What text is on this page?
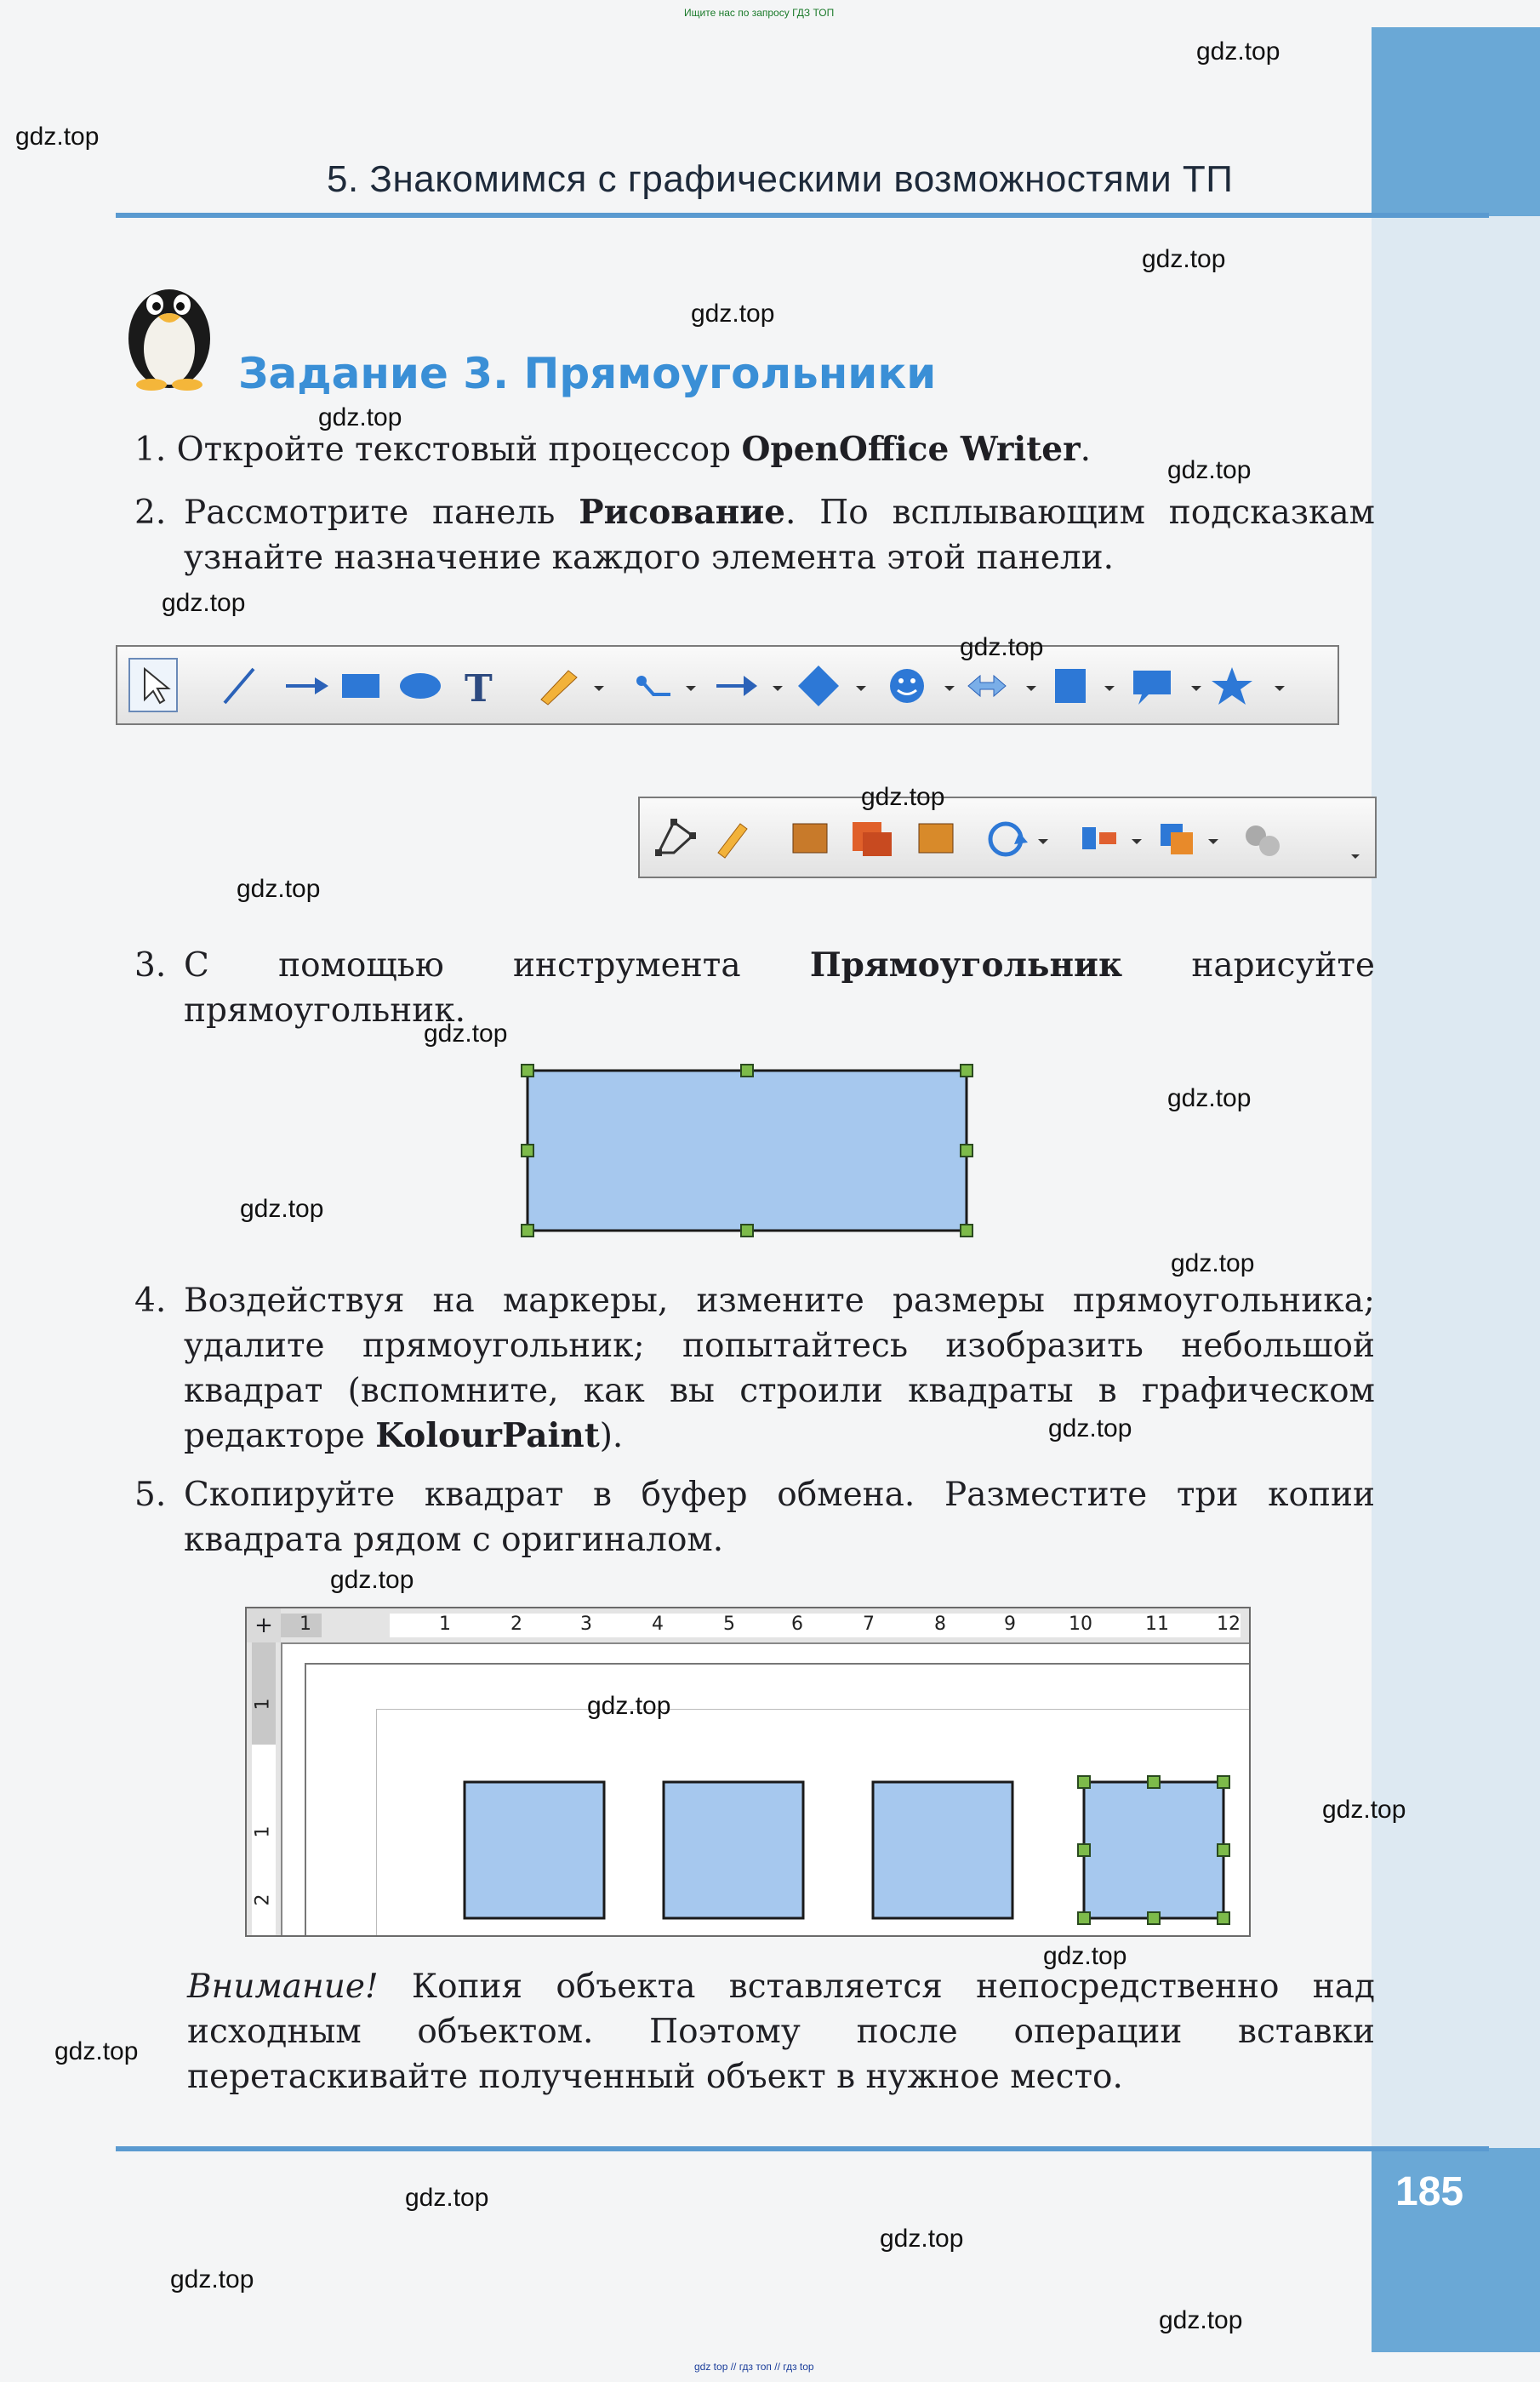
Ищите нас по запросу ГДЗ ТОП
5. Знакомимся с графическими возможностями ТП
Задание 3. Прямоугольники
1. Откройте текстовый процессор OpenOffice Writer.
2. Рассмотрите панель Рисование. По всплывающим подсказкам узнайте назначение каждого элемента этой панели.
T
3. С помощью инструмента Прямоугольник нарисуйте прямоугольник.
4. Воздействуя на маркеры, измените размеры прямоугольника; удалите прямоугольник; попытайтесь изобразить небольшой квадрат (вспомните, как вы строили квадраты в графическом редакторе KolourPaint).
5. Скопируйте квадрат в буфер обмена. Разместите три копии квадрата рядом с оригиналом.
+	1	1	2	3	4	5	6	7	8	9	10	11	12
1
1
2
Внимание! Копия объекта вставляется непосредственно над исходным объектом. Поэтому после операции вставки перетаскивайте полученный объект в нужное место.
185
gdz.top
gdz.top
gdz.top
gdz.top
gdz.top
gdz.top
gdz.top
gdz.top
gdz.top
gdz.top
gdz.top
gdz.top
gdz.top
gdz.top
gdz.top
gdz.top
gdz.top
gdz.top
gdz.top
gdz.top
gdz.top
gdz.top
gdz.top
gdz.top
gdz top // гдз топ // гдз top
